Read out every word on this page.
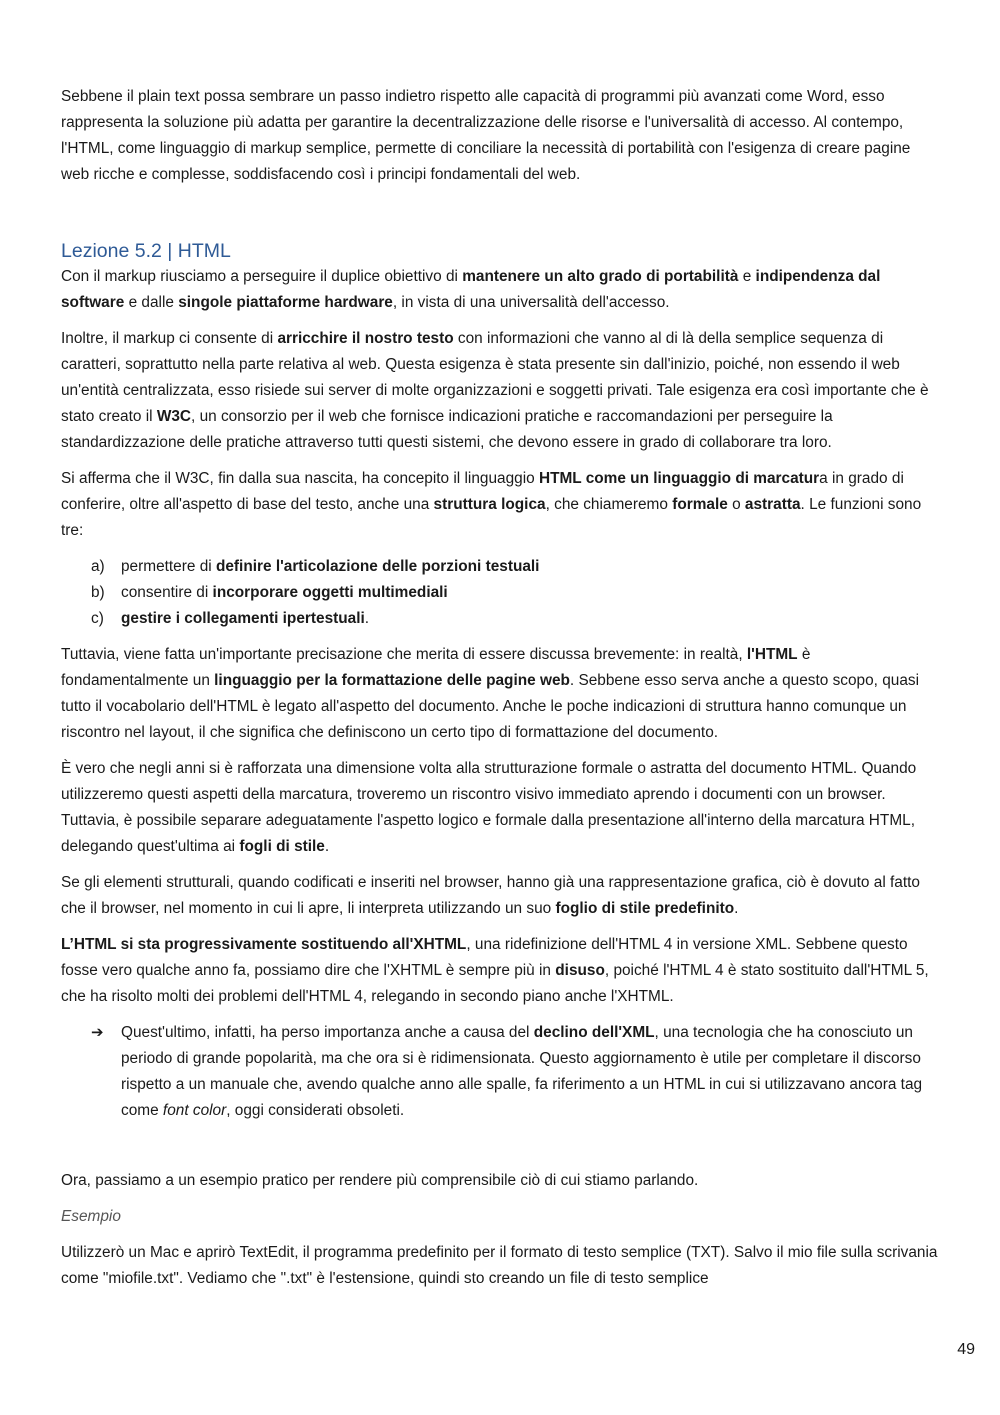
Sebbene il plain text possa sembrare un passo indietro rispetto alle capacità di programmi più avanzati come Word, esso rappresenta la soluzione più adatta per garantire la decentralizzazione delle risorse e l'universalità di accesso. Al contempo, l'HTML, come linguaggio di markup semplice, permette di conciliare la necessità di portabilità con l'esigenza di creare pagine web ricche e complesse, soddisfacendo così i principi fondamentali del web.

Lezione 5.2 | HTML

Con il markup riusciamo a perseguire il duplice obiettivo di mantenere un alto grado di portabilità e indipendenza dal software e dalle singole piattaforme hardware, in vista di una universalità dell'accesso.

Inoltre, il markup ci consente di arricchire il nostro testo con informazioni che vanno al di là della semplice sequenza di caratteri, soprattutto nella parte relativa al web. Questa esigenza è stata presente sin dall'inizio, poiché, non essendo il web un'entità centralizzata, esso risiede sui server di molte organizzazioni e soggetti privati. Tale esigenza era così importante che è stato creato il W3C, un consorzio per il web che fornisce indicazioni pratiche e raccomandazioni per perseguire la standardizzazione delle pratiche attraverso tutti questi sistemi, che devono essere in grado di collaborare tra loro.

Si afferma che il W3C, fin dalla sua nascita, ha concepito il linguaggio HTML come un linguaggio di marcatura in grado di conferire, oltre all'aspetto di base del testo, anche una struttura logica, che chiameremo formale o astratta. Le funzioni sono tre:

a)	permettere di definire l'articolazione delle porzioni testuali
b)	consentire di incorporare oggetti multimediali
c)	gestire i collegamenti ipertestuali.

Tuttavia, viene fatta un'importante precisazione che merita di essere discussa brevemente: in realtà, l'HTML è fondamentalmente un linguaggio per la formattazione delle pagine web. Sebbene esso serva anche a questo scopo, quasi tutto il vocabolario dell'HTML è legato all'aspetto del documento. Anche le poche indicazioni di struttura hanno comunque un riscontro nel layout, il che significa che definiscono un certo tipo di formattazione del documento.

È vero che negli anni si è rafforzata una dimensione volta alla strutturazione formale o astratta del documento HTML. Quando utilizzeremo questi aspetti della marcatura, troveremo un riscontro visivo immediato aprendo i documenti con un browser. Tuttavia, è possibile separare adeguatamente l'aspetto logico e formale dalla presentazione all'interno della marcatura HTML, delegando quest'ultima ai fogli di stile.

Se gli elementi strutturali, quando codificati e inseriti nel browser, hanno già una rappresentazione grafica, ciò è dovuto al fatto che il browser, nel momento in cui li apre, li interpreta utilizzando un suo foglio di stile predefinito.

L’HTML si sta progressivamente sostituendo all'XHTML, una ridefinizione dell'HTML 4 in versione XML. Sebbene questo fosse vero qualche anno fa, possiamo dire che l'XHTML è sempre più in disuso, poiché l'HTML 4 è stato sostituito dall'HTML 5, che ha risolto molti dei problemi dell'HTML 4, relegando in secondo piano anche l'XHTML.

➔	Quest'ultimo, infatti, ha perso importanza anche a causa del declino dell'XML, una tecnologia che ha conosciuto un periodo di grande popolarità, ma che ora si è ridimensionata. Questo aggiornamento è utile per completare il discorso rispetto a un manuale che, avendo qualche anno alle spalle, fa riferimento a un HTML in cui si utilizzavano ancora tag come font color, oggi considerati obsoleti.

Ora, passiamo a un esempio pratico per rendere più comprensibile ciò di cui stiamo parlando.

Esempio

Utilizzerò un Mac e aprirò TextEdit, il programma predefinito per il formato di testo semplice (TXT). Salvo il mio file sulla scrivania come "miofile.txt". Vediamo che ".txt" è l'estensione, quindi sto creando un file di testo semplice

49
